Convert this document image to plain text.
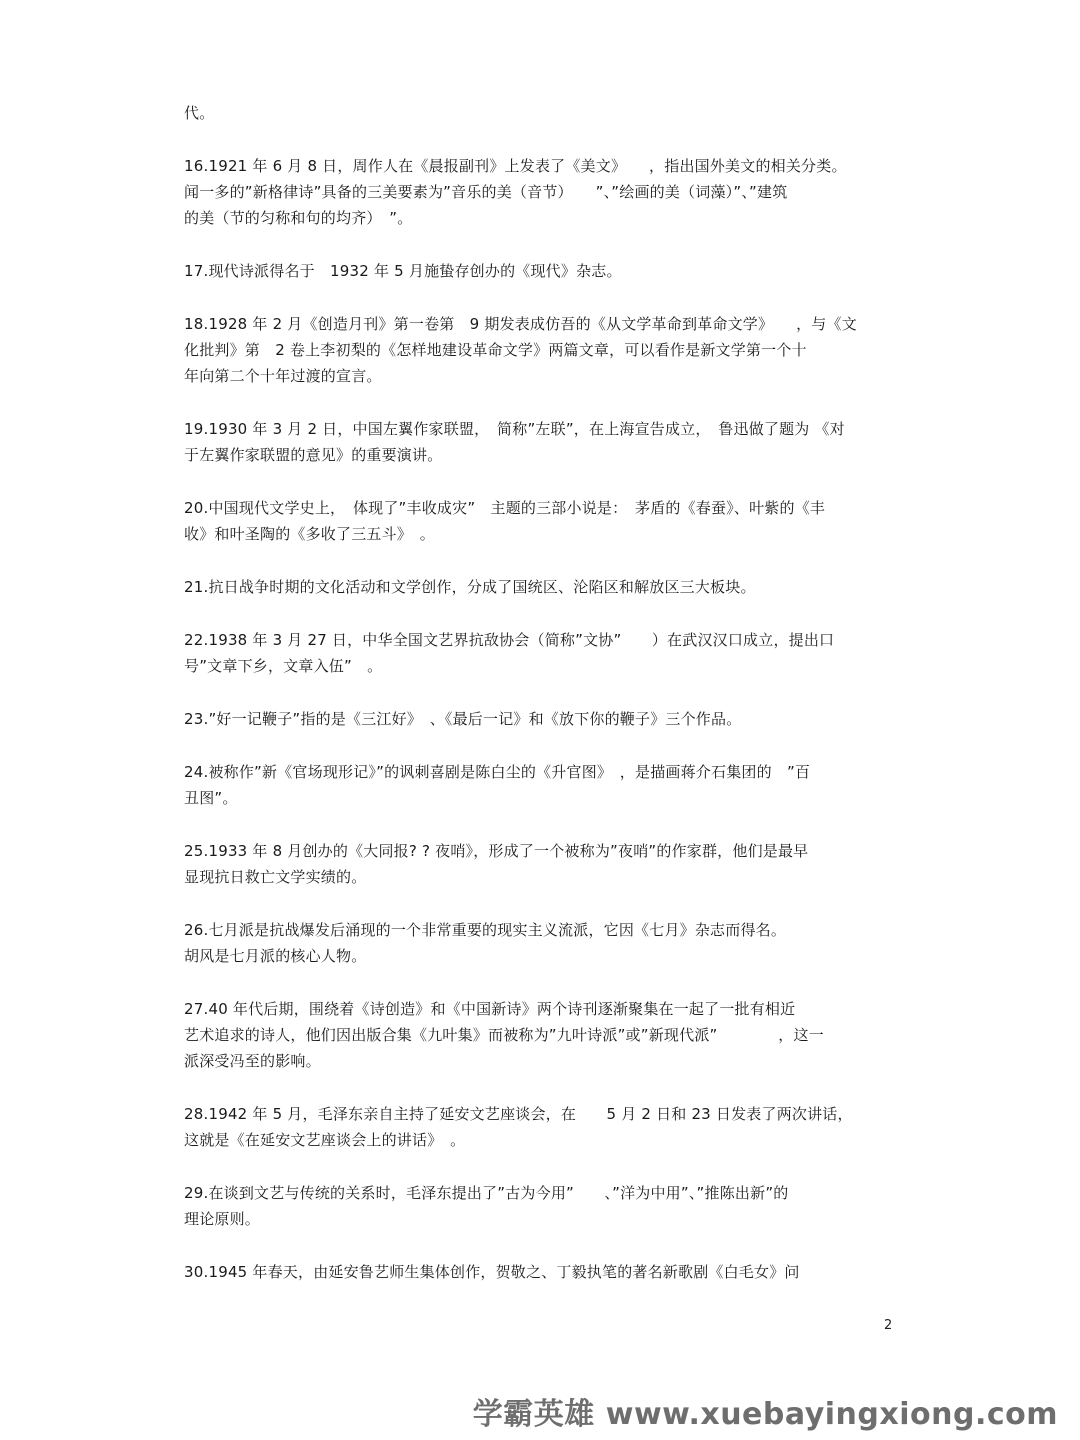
代。
16.1921 年 6 月 8 日，周作人在《晨报副刊》上发表了《美文》　　，指出国外美文的相关分类。
闻一多的”新格律诗”具备的三美要素为”音乐的美（音节）　　”、”绘画的美（词藻）”、”建筑
的美（节的匀称和句的均齐）　”。
17.现代诗派得名于　1932 年 5 月施蛰存创办的《现代》杂志。
18.1928 年 2 月《创造月刊》第一卷第　9 期发表成仿吾的《从文学革命到革命文学》　　，与《文
化批判》第　2 卷上李初梨的《怎样地建设革命文学》两篇文章，可以看作是新文学第一个十
年向第二个十年过渡的宣言。
19.1930 年 3 月 2 日，中国左翼作家联盟，　简称”左联”，在上海宣告成立，　鲁迅做了题为 《对
于左翼作家联盟的意见》的重要演讲。
20.中国现代文学史上，　体现了”丰收成灾”　主题的三部小说是：　茅盾的《春蚕》、叶紫的《丰
收》和叶圣陶的《多收了三五斗》　。
21.抗日战争时期的文化活动和文学创作，分成了国统区、沦陷区和解放区三大板块。
22.1938 年 3 月 27 日，中华全国文艺界抗敌协会（简称”文协”　　）在武汉汉口成立，提出口
号”文章下乡，文章入伍”　。
23.”好一记鞭子”指的是《三江好》　、《最后一记》和《放下你的鞭子》三个作品。
24.被称作”新《官场现形记》”的讽刺喜剧是陈白尘的《升官图》　，是描画蒋介石集团的　”百
丑图”。
25.1933 年 8 月创办的《大同报? ? 夜哨》，形成了一个被称为”夜哨”的作家群，他们是最早
显现抗日救亡文学实绩的。
26.七月派是抗战爆发后涌现的一个非常重要的现实主义流派，它因《七月》杂志而得名。
胡风是七月派的核心人物。
27.40 年代后期，围绕着《诗创造》和《中国新诗》两个诗刊逐渐聚集在一起了一批有相近
艺术追求的诗人，他们因出版合集《九叶集》而被称为”九叶诗派”或”新现代派”　　　　，这一
派深受冯至的影响。
28.1942 年 5 月，毛泽东亲自主持了延安文艺座谈会，在　　5 月 2 日和 23 日发表了两次讲话，
这就是《在延安文艺座谈会上的讲话》　。
29.在谈到文艺与传统的关系时，毛泽东提出了”古为今用”　　、”洋为中用”、”推陈出新”的
理论原则。
30.1945 年春天，由延安鲁艺师生集体创作，贺敬之、丁毅执笔的著名新歌剧《白毛女》问
2
学霸英雄 www.xuebayingxiong.com
